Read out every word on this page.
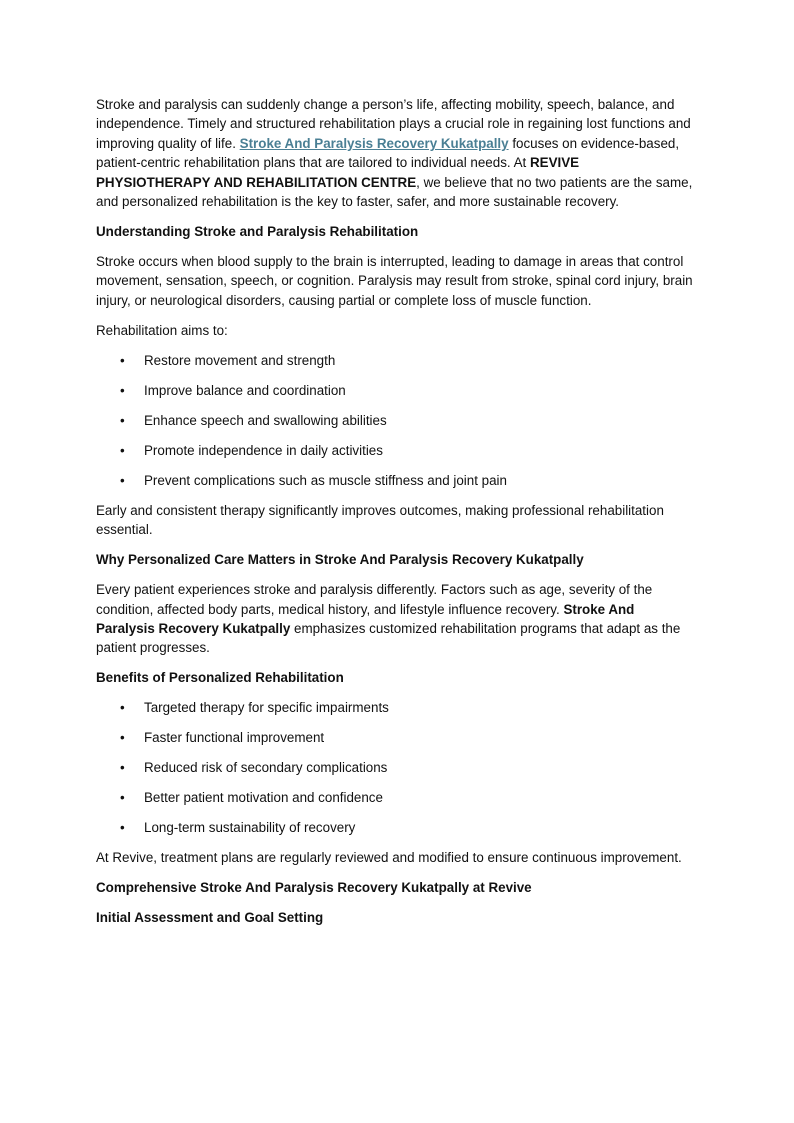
Stroke and paralysis can suddenly change a person’s life, affecting mobility, speech, balance, and independence. Timely and structured rehabilitation plays a crucial role in regaining lost functions and improving quality of life. Stroke And Paralysis Recovery Kukatpally focuses on evidence-based, patient-centric rehabilitation plans that are tailored to individual needs. At REVIVE PHYSIOTHERAPY AND REHABILITATION CENTRE, we believe that no two patients are the same, and personalized rehabilitation is the key to faster, safer, and more sustainable recovery.

Understanding Stroke and Paralysis Rehabilitation

Stroke occurs when blood supply to the brain is interrupted, leading to damage in areas that control movement, sensation, speech, or cognition. Paralysis may result from stroke, spinal cord injury, brain injury, or neurological disorders, causing partial or complete loss of muscle function.

Rehabilitation aims to:

• Restore movement and strength
• Improve balance and coordination
• Enhance speech and swallowing abilities
• Promote independence in daily activities
• Prevent complications such as muscle stiffness and joint pain

Early and consistent therapy significantly improves outcomes, making professional rehabilitation essential.

Why Personalized Care Matters in Stroke And Paralysis Recovery Kukatpally

Every patient experiences stroke and paralysis differently. Factors such as age, severity of the condition, affected body parts, medical history, and lifestyle influence recovery. Stroke And Paralysis Recovery Kukatpally emphasizes customized rehabilitation programs that adapt as the patient progresses.

Benefits of Personalized Rehabilitation
• Targeted therapy for specific impairments
• Faster functional improvement
• Reduced risk of secondary complications
• Better patient motivation and confidence
• Long-term sustainability of recovery

At Revive, treatment plans are regularly reviewed and modified to ensure continuous improvement.

Comprehensive Stroke And Paralysis Recovery Kukatpally at Revive
Initial Assessment and Goal Setting
